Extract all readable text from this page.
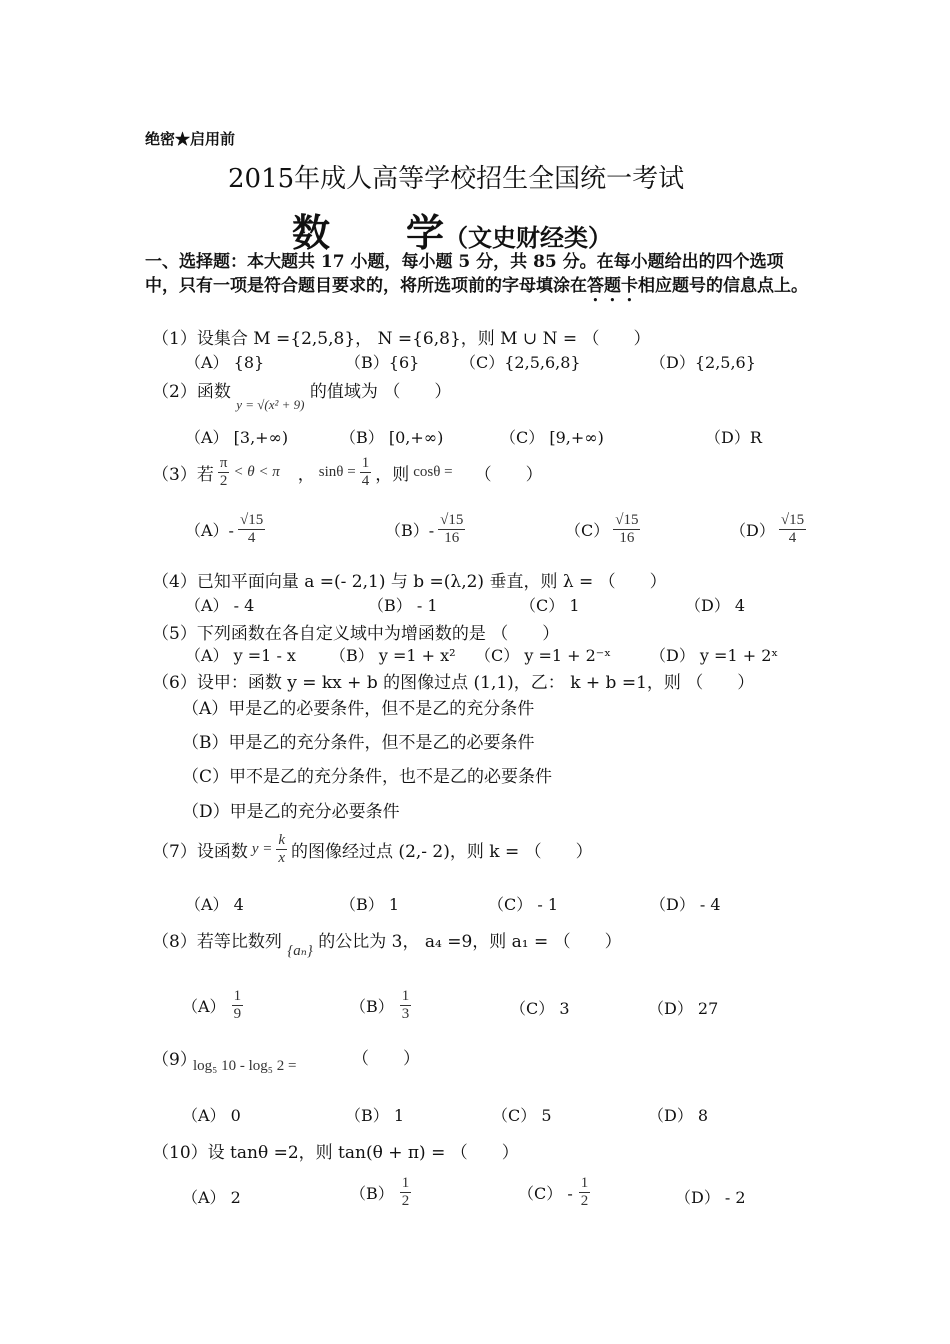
绝密★启用前
2015年成人高等学校招生全国统一考试
数　　学（文史财经类）
一、选择题：本大题共 17 小题，每小题 5 分，共 85 分。在每小题给出的四个选项中，只有一项是符合题目要求的，将所选项前的字母填涂在答题卡相应题号的信息点上。
（1）设集合 M ={2,5,8}， N ={6,8}，则 M ∪ N = （　　）
（A） {8}	（B）{6}	（C）{2,5,6,8}	（D）{2,5,6}
（2）函数 $_{y = √(x^2 + 9)}$ 的值域为 （　　）
（A） [3,+∞)	（B） [0,+∞)	（C） [9,+∞)	（D）R
（3）若 $\frac{\pi}{2} < \theta < \pi$ ， $\sin\theta = \frac{1}{4}$ ，则 cosθ = （　　）
$(A)- \frac{√15}{4}$	$(B)- \frac{√15}{16}$	$(C) \frac{√15}{16}$	$(D) \frac{√15}{4}$
（4）已知平面向量 a =(- 2,1) 与 b =(λ,2) 垂直，则 λ = （　　）
（A） - 4	（B） - 1	（C） 1	（D） 4
（5）下列函数在各自定义域中为增函数的是 （　　）
（A） y =1 - x （B） y =1 + x² （C） y =1 + 2⁻ˣ （D） y =1 + 2ˣ
（6）设甲：函数 y = kx + b 的图像过点 (1,1)，乙： k + b =1，则 （　　）
（A）甲是乙的必要条件，但不是乙的充分条件
（B）甲是乙的充分条件，但不是乙的必要条件
（C）甲不是乙的充分条件，也不是乙的必要条件
（D）甲是乙的充分必要条件
（7）设函数 $y = \frac{k}{x}$ 的图像经过点 (2,- 2)，则 k = （　　）
（A） 4	（B） 1	（C） - 1	（D） - 4
（8）若等比数列 {aₙ} 的公比为 3， a₄ =9，则 a₁ = （　　）
$(A) \frac{1}{9}$	$(B) \frac{1}{3}$	（C） 3	（D） 27
（9）
log₅ 10 - log₅ 2 =	（　　）
（A） 0	（B） 1	（C） 5	（D） 8
（10）设 tanθ =2，则 tan(θ + π) = （　　）
（A） 2	$(B) \frac{1}{2}$	$(C) - \frac{1}{2}$	（D） - 2
